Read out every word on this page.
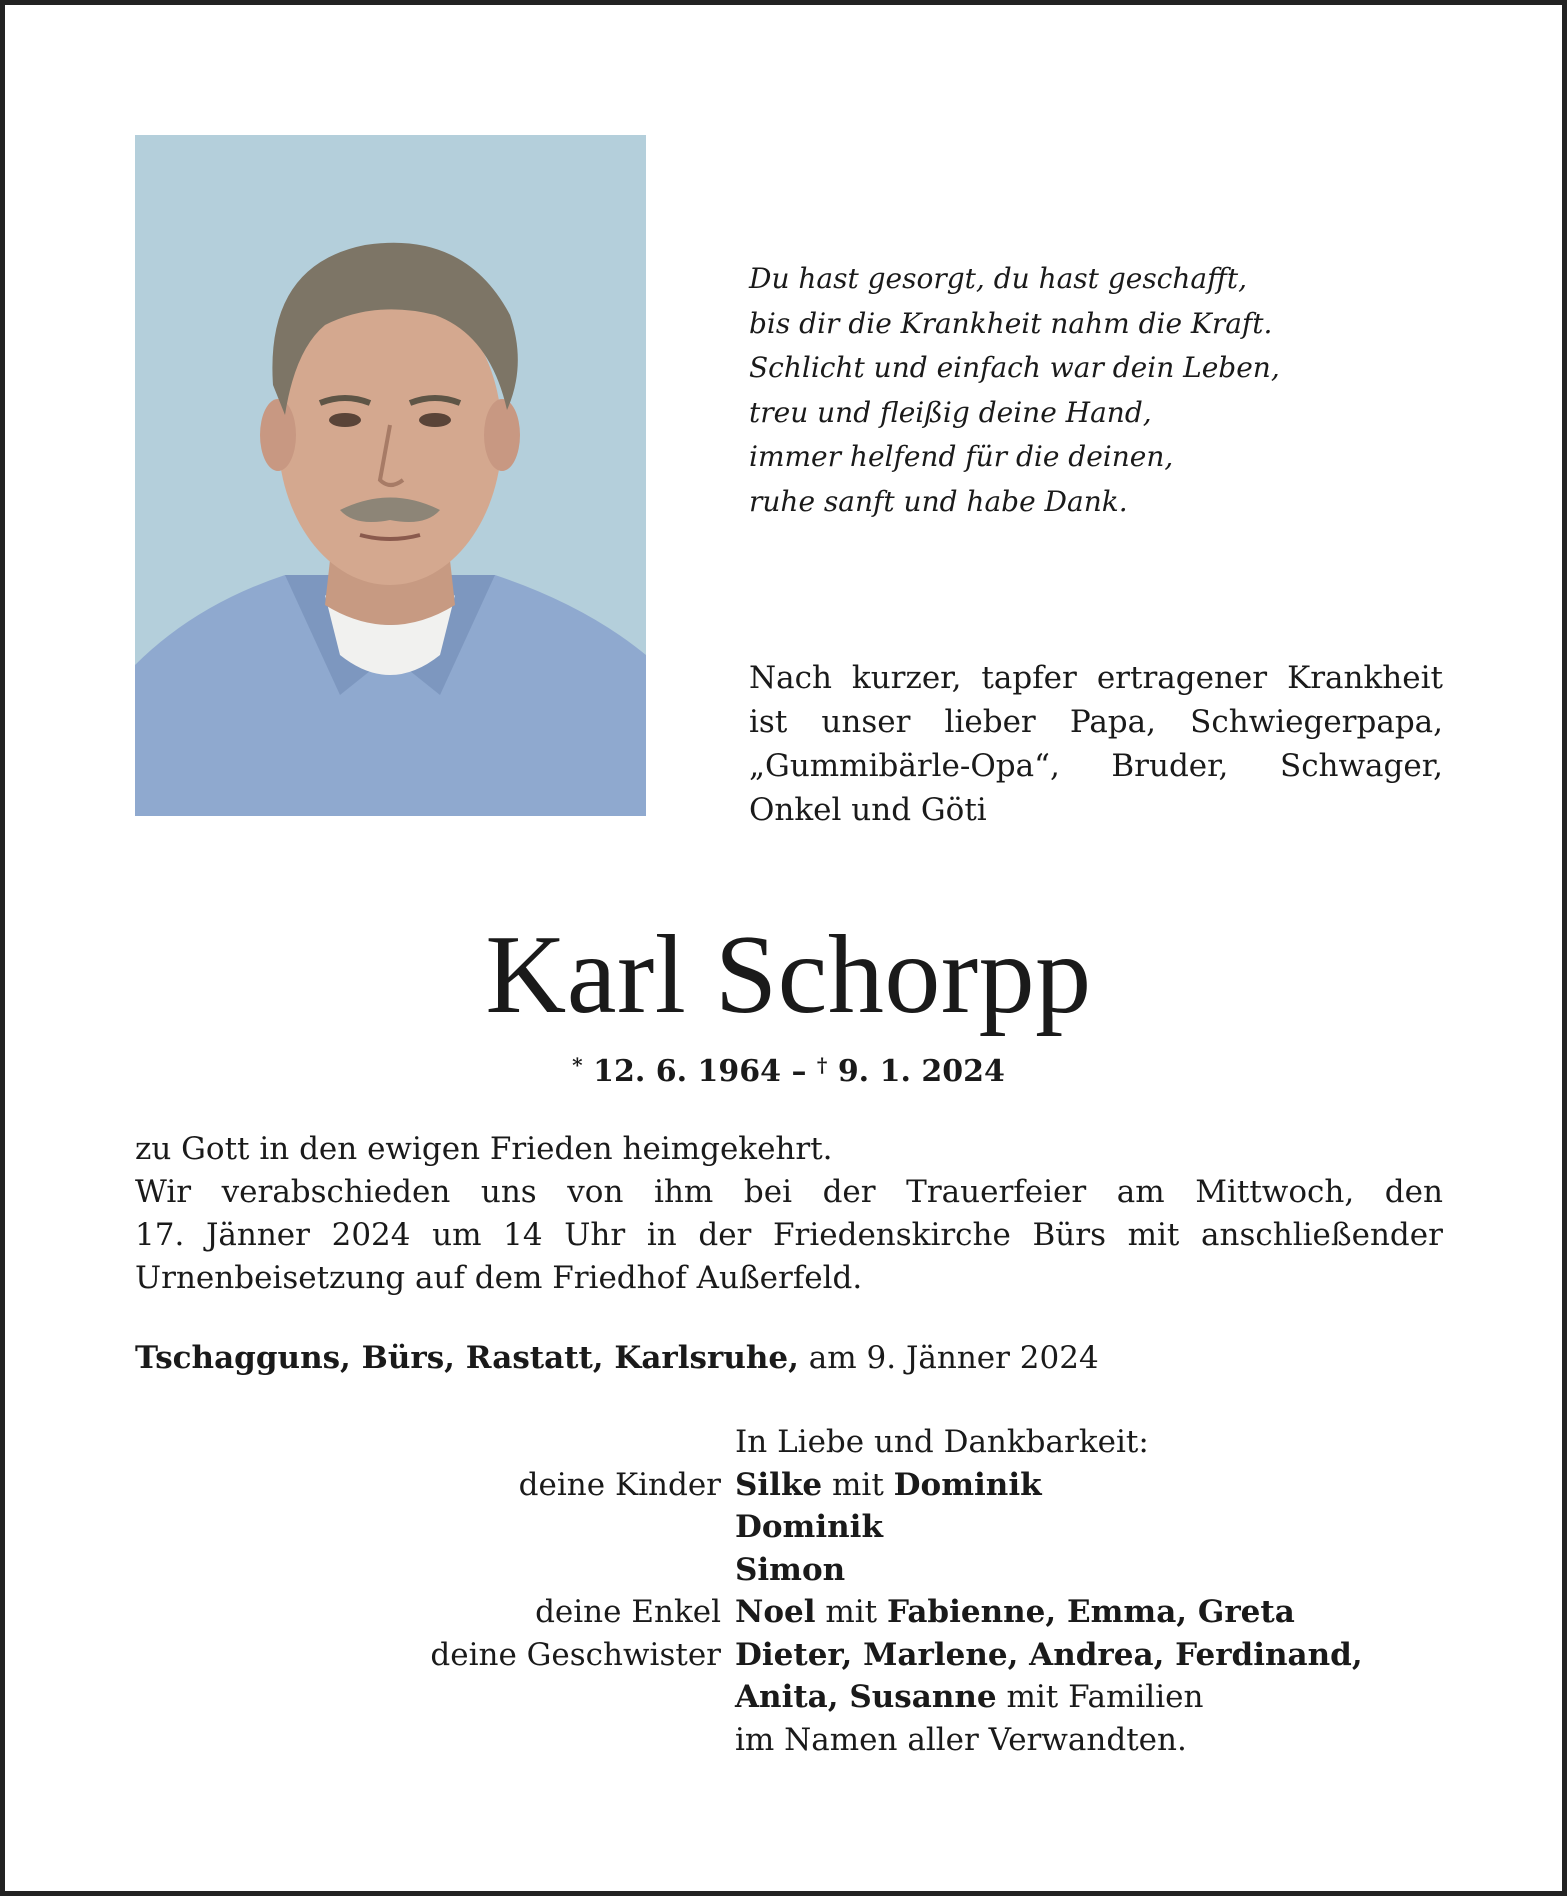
Du hast gesorgt, du hast geschafft,
bis dir die Krankheit nahm die Kraft.
Schlicht und einfach war dein Leben,
treu und fleißig deine Hand,
immer helfend für die deinen,
ruhe sanft und habe Dank.
Nach kurzer, tapfer ertragener Krankheit
ist unser lieber Papa, Schwiegerpapa,
„Gummibärle-Opa“, Bruder, Schwager,
Onkel und Göti
Karl Schorpp
* 12. 6. 1964 – † 9. 1. 2024
zu Gott in den ewigen Frieden heimgekehrt.
Wir verabschieden uns von ihm bei der Trauerfeier am Mittwoch, den
17. Jänner 2024 um 14 Uhr in der Friedenskirche Bürs mit anschließender
Urnenbeisetzung auf dem Friedhof Außerfeld.
Tschagguns, Bürs, Rastatt, Karlsruhe, am 9. Jänner 2024
In Liebe und Dankbarkeit:
deine Kinder Silke mit Dominik
Dominik
Simon
deine Enkel Noel mit Fabienne, Emma, Greta
deine Geschwister Dieter, Marlene, Andrea, Ferdinand,
Anita, Susanne mit Familien
im Namen aller Verwandten.
